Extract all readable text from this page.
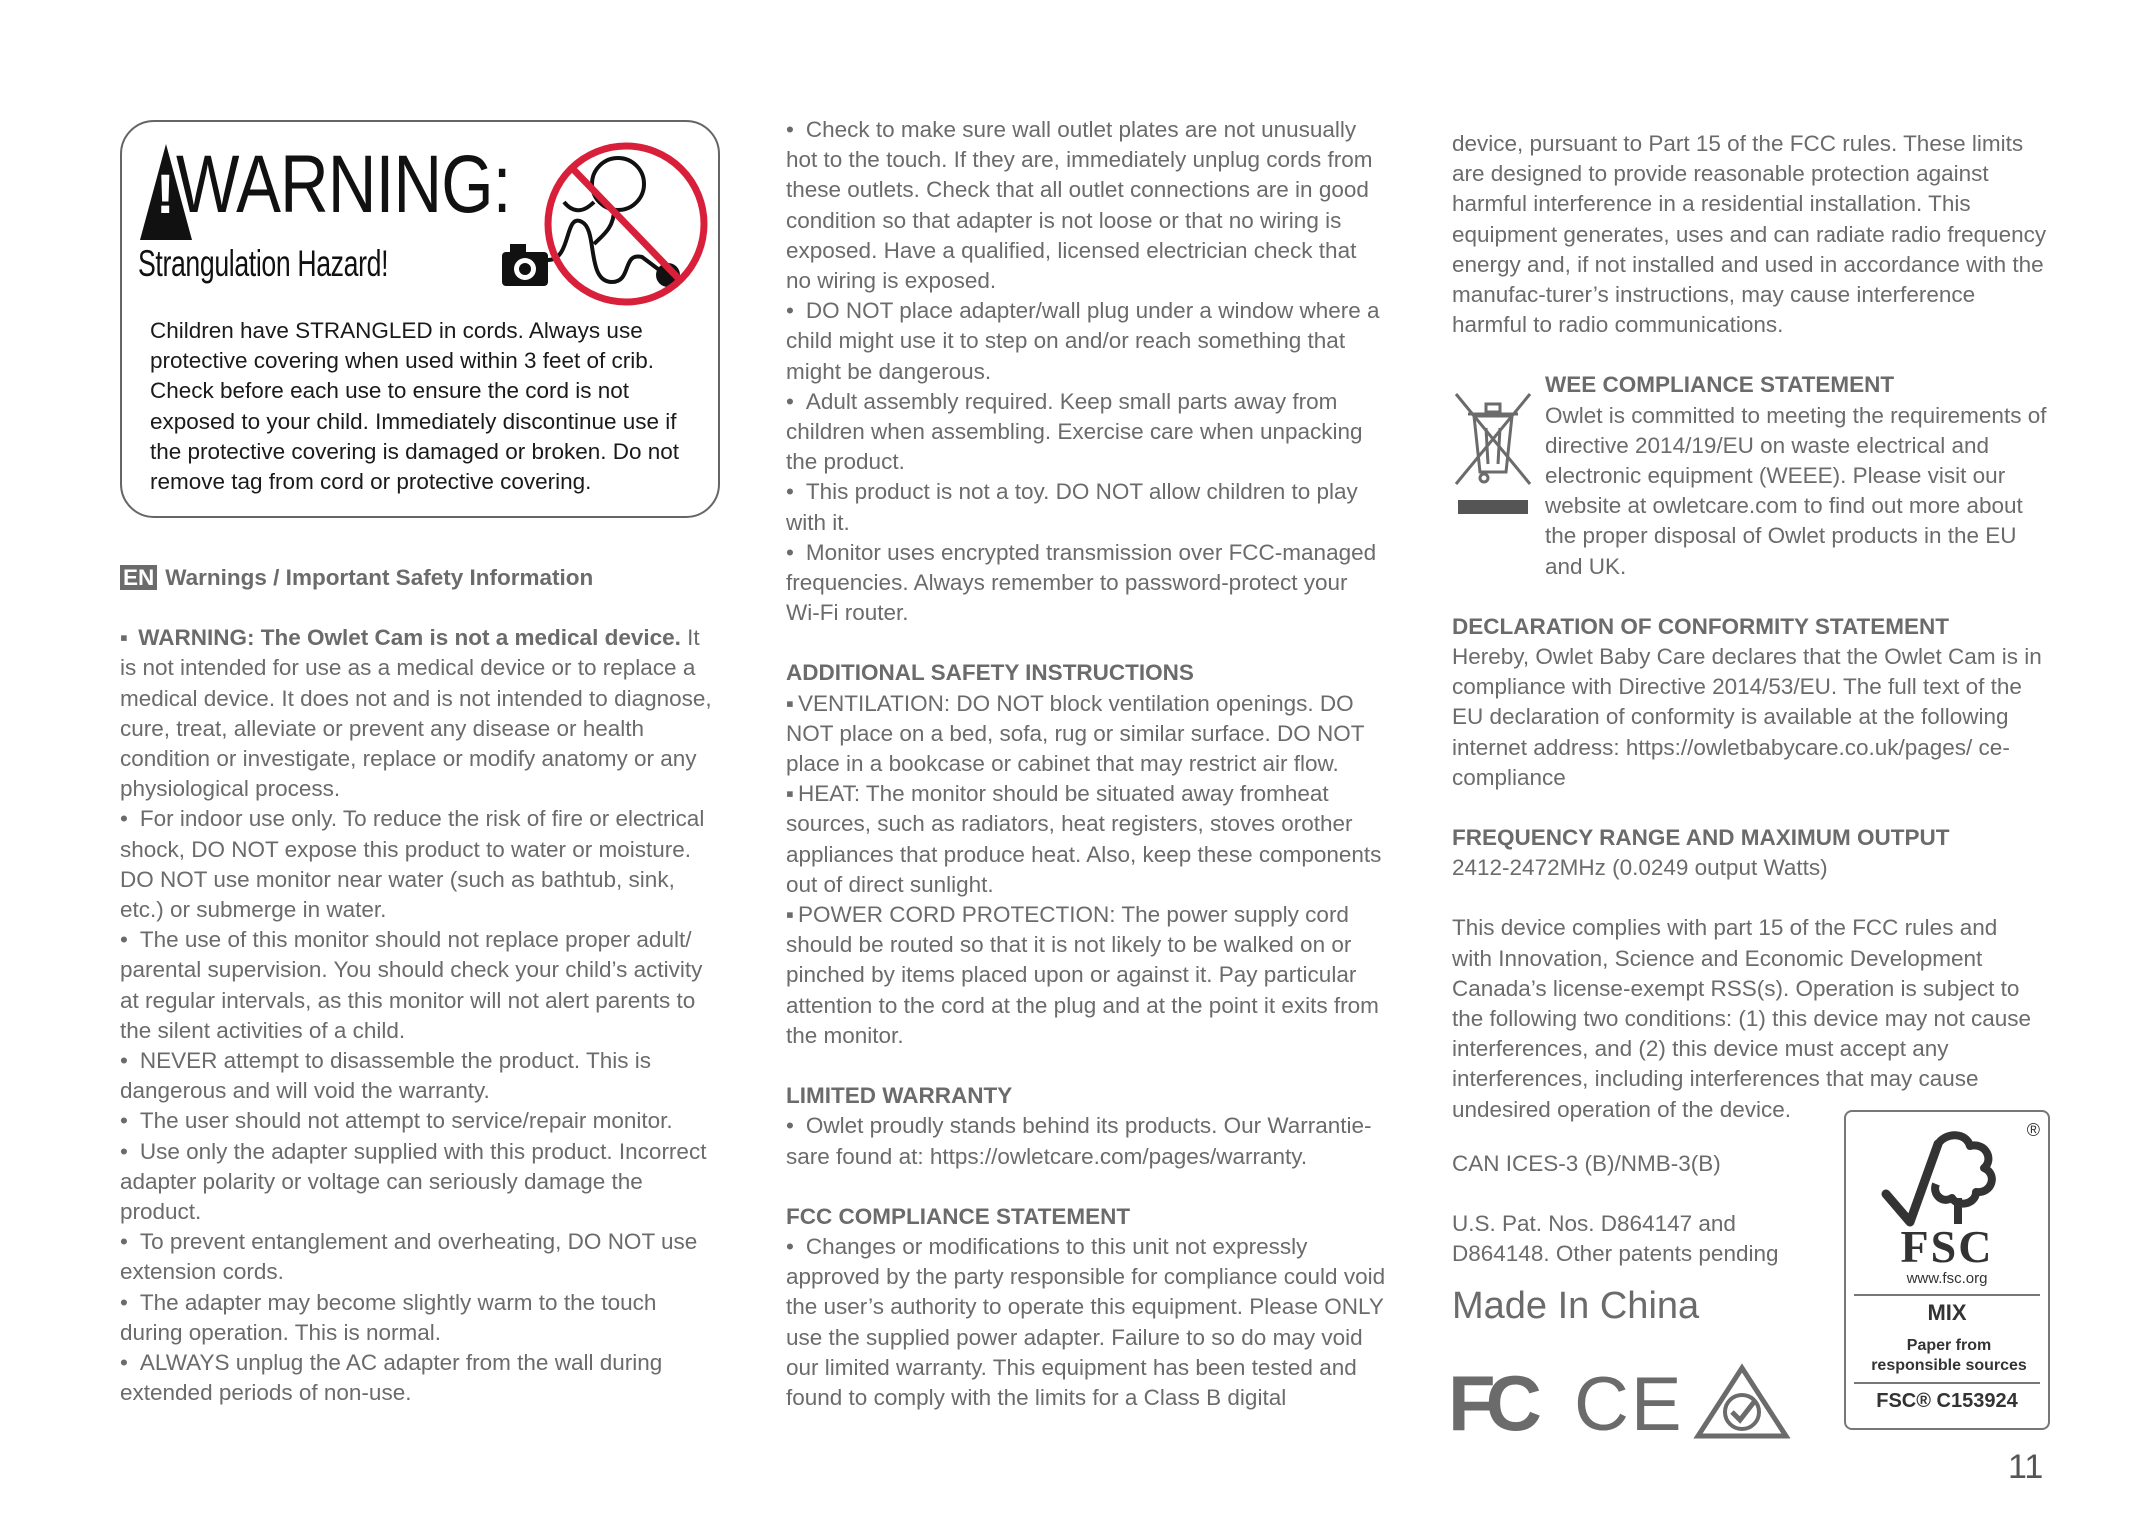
! WARNING:
Strangulation Hazard!
Children have STRANGLED in cords. Always use protective covering when used within 3 feet of crib. Check before each use to ensure the cord is not exposed to your child. Immediately discontinue use if the protective covering is damaged or broken. Do not remove tag from cord or protective covering.

EN Warnings / Important Safety Information

▪ WARNING: The Owlet Cam is not a medical device. It is not intended for use as a medical device or to replace a medical device. It does not and is not intended to diagnose, cure, treat, alleviate or prevent any disease or health condition or investigate, replace or modify anatomy or any physiological process.

• For indoor use only. To reduce the risk of fire or electrical shock, DO NOT expose this product to water or moisture. DO NOT use monitor near water (such as bathtub, sink, etc.) or submerge in water.

• The use of this monitor should not replace proper adult/ parental supervision. You should check your child’s activity at regular intervals, as this monitor will not alert parents to the silent activities of a child.

• NEVER attempt to disassemble the product. This is dangerous and will void the warranty.

• The user should not attempt to service/repair monitor.

• Use only the adapter supplied with this product. Incorrect adapter polarity or voltage can seriously damage the product.

• To prevent entanglement and overheating, DO NOT use extension cords.

• The adapter may become slightly warm to the touch during operation. This is normal.

• ALWAYS unplug the AC adapter from the wall during extended periods of non-use.

• Check to make sure wall outlet plates are not unusually hot to the touch. If they are, immediately unplug cords from these outlets. Check that all outlet connections are in good condition so that adapter is not loose or that no wiring is exposed. Have a qualified, licensed electrician check that no wiring is exposed.

• DO NOT place adapter/wall plug under a window where a child might use it to step on and/or reach something that might be dangerous.

• Adult assembly required. Keep small parts away from children when assembling. Exercise care when unpacking the product.

• This product is not a toy. DO NOT allow children to play with it.

• Monitor uses encrypted transmission over FCC-managed frequencies. Always remember to password-protect your Wi-Fi router.

ADDITIONAL SAFETY INSTRUCTIONS

▪ VENTILATION: DO NOT block ventilation openings. DO NOT place on a bed, sofa, rug or similar surface. DO NOT place in a bookcase or cabinet that may restrict air flow.

▪ HEAT: The monitor should be situated away fromheat sources, such as radiators, heat registers, stoves orother appliances that produce heat. Also, keep these components out of direct sunlight.

▪ POWER CORD PROTECTION: The power supply cord should be routed so that it is not likely to be walked on or pinched by items placed upon or against it. Pay particular attention to the cord at the plug and at the point it exits from the monitor.

LIMITED WARRANTY

• Owlet proudly stands behind its products. Our Warrantie-sare found at: https://owletcare.com/pages/warranty.

FCC COMPLIANCE STATEMENT

• Changes or modifications to this unit not expressly approved by the party responsible for compliance could void the user’s authority to operate this equipment. Please ONLY use the supplied power adapter. Failure to so do may void our limited warranty. This equipment has been tested and found to comply with the limits for a Class B digital

device, pursuant to Part 15 of the FCC rules. These limits are designed to provide reasonable protection against harmful interference in a residential installation. This equipment generates, uses and can radiate radio frequency energy and, if not installed and used in accordance with the manufac-turer’s instructions, may cause interference harmful to radio communications.

WEE COMPLIANCE STATEMENT

Owlet is committed to meeting the requirements of directive 2014/19/EU on waste electrical and electronic equipment (WEEE). Please visit our website at owletcare.com to find out more about the proper disposal of Owlet products in the EU and UK.

DECLARATION OF CONFORMITY STATEMENT

Hereby, Owlet Baby Care declares that the Owlet Cam is in compliance with Directive 2014/53/EU. The full text of the EU declaration of conformity is available at the following internet address: https://owletbabycare.co.uk/pages/ ce-compliance

FREQUENCY RANGE AND MAXIMUM OUTPUT

2412-2472MHz (0.0249 output Watts)

This device complies with part 15 of the FCC rules and with Innovation, Science and Economic Development Canada’s license-exempt RSS(s). Operation is subject to the following two conditions: (1) this device may not cause interferences, and (2) this device must accept any interferences, including interferences that may cause undesired operation of the device.

CAN ICES-3 (B)/NMB-3(B)

U.S. Pat. Nos. D864147 and D864148. Other patents pending

Made In China

FC CE
®
FSC
www.fsc.org
MIX
Paper from responsible sources
FSC® C153924
11
